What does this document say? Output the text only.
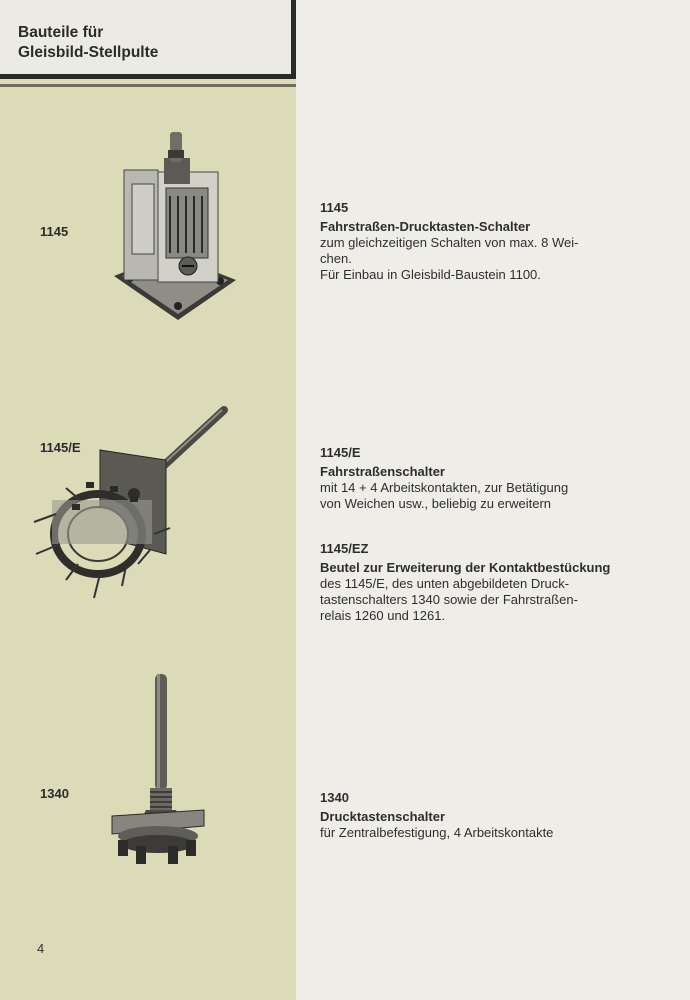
Bauteile für
Gleisbild-Stellpulte
1145
1145/E
1340
1145
Fahrstraßen-Drucktasten-Schalter
zum gleichzeitigen Schalten von max. 8 Wei-
chen.
Für Einbau in Gleisbild-Baustein 1100.
1145/E
Fahrstraßenschalter
mit 14 + 4 Arbeitskontakten, zur Betätigung
von Weichen usw., beliebig zu erweitern
1145/EZ
Beutel zur Erweiterung der Kontaktbestückung
des 1145/E, des unten abgebildeten Druck-
tastenschalters 1340 sowie der Fahrstraßen-
relais 1260 und 1261.
1340
Drucktastenschalter
für Zentralbefestigung, 4 Arbeitskontakte
4
